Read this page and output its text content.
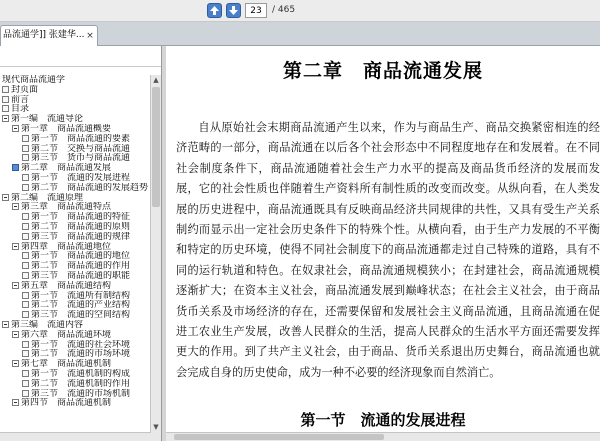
23
/ 465
品流通学]] 张建华... ×
现代商品流通学
封页面
前言
目录
第一编　流通导论
第一章　商品流通概要
第一节　商品流通的要素
第二节　交换与商品流通
第三节　货币与商品流通
第二章　商品流通发展
第一节　流通的发展进程
第二节　商品流通的发展趋势
第二编　流通原理
第三章　商品流通特点
第一节　商品流通的特征
第二节　商品流通的原则
第三节　商品流通的规律
第四章　商品流通地位
第一节　商品流通的地位
第二节　商品流通的作用
第三节　商品流通的职能
第五章　商品流通结构
第一节　流通所有制结构
第二节　流通的产业结构
第三节　流通的空间结构
第三编　流通内容
第六章　商品流通环境
第一节　流通的社会环境
第二节　流通的市场环境
第七章　商品流通机制
第一节　流通机制的构成
第二节　流通机制的作用
第三节　流通的市场机制
第四节　商品流通机制
▲
▼
第二章　商品流通发展

自从原始社会末期商品流通产生以来，作为与商品生产、商品交换紧密相连的经济范畴的一部分，商品流通在以后各个社会形态中不同程度地存在和发展着。在不同社会制度条件下，商品流通随着社会生产力水平的提高及商品货币经济的发展而发展，它的社会性质也伴随着生产资料所有制性质的改变而改变。从纵向看，在人类发展的历史进程中，商品流通既具有反映商品经济共同规律的共性，又具有受生产关系制约而显示出一定社会历史条件下的特殊个性。从横向看，由于生产力发展的不平衡和特定的历史环境，使得不同社会制度下的商品流通都走过自己特殊的道路，具有不同的运行轨道和特色。在奴隶社会，商品流通规模狭小；在封建社会，商品流通规模逐渐扩大；在资本主义社会，商品流通发展到巅峰状态；在社会主义社会，由于商品货币关系及市场经济的存在，还需要保留和发展社会主义商品流通，且商品流通在促进工农业生产发展，改善人民群众的生活，提高人民群众的生活水平方面还需要发挥更大的作用。到了共产主义社会，由于商品、货币关系退出历史舞台，商品流通也就会完成自身的历史使命，成为一种不必要的经济现象而自然消亡。

第一节　流通的发展进程
